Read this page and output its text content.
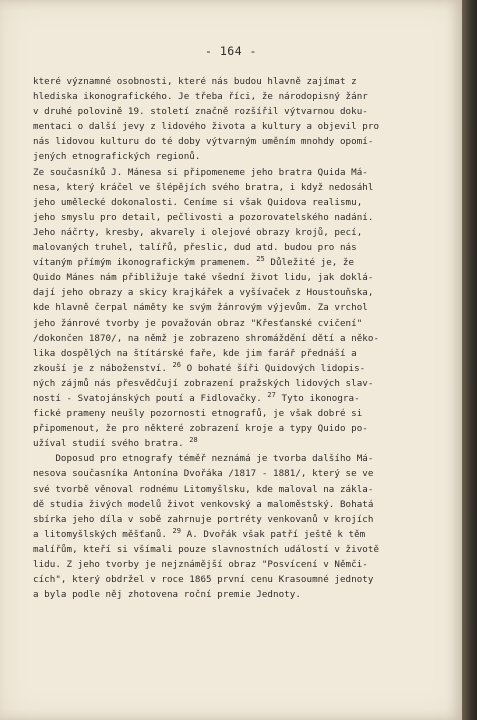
- 164 -
které významné osobnosti, které nás budou hlavně zajímat z
hlediska ikonografického. Je třeba říci, že národopisný žánr
v druhé polovině 19. století značně rozšířil výtvarnou doku-
mentaci o další jevy z lidového života a kultury a objevil pro
nás lidovou kulturu do té doby výtvarným uměním mnohdy opomí-
jených etnografických regionů.
Ze současníků J. Mánesa si připomeneme jeho bratra Quida Má-
nesa, který kráčel ve šlépějích svého bratra, i když nedosáhl
jeho umělecké dokonalosti. Ceníme si však Quidova realismu,
jeho smyslu pro detail, pečlivosti a pozorovatelského nadání.
Jeho náčrty, kresby, akvarely i olejové obrazy krojů, pecí,
malovaných truhel, talířů, přeslic, dud atd. budou pro nás
vítaným přímým ikonografickým pramenem. $^{25}$ Důležité je, že
Quido Mánes nám přibližuje také všední život lidu, jak doklá-
dají jeho obrazy a skicy krajkářek a vyšívaček z Houstouňska,
kde hlavně čerpal náměty ke svým žánrovým výjevům. Za vrchol
jeho žánrové tvorby je považován obraz "Křesťanské cvičení"
/dokončen 1870/, na němž je zobrazeno shromáždění dětí a něko-
lika dospělých na štítárské faře, kde jim farář přednáší a
zkouší je z náboženství. $^{26}$ O bohaté šíři Quidových lidopis-
ných zájmů nás přesvědčují zobrazení pražských lidových slav-
ností - Svatojánských poutí a Fidlovačky. $^{27}$ Tyto ikonogra-
fické prameny neušly pozornosti etnografů, je však dobré si
připomenout, že pro některé zobrazení kroje a typy Quido po-
užíval studií svého bratra. $^{28}$
Doposud pro etnografy téměř neznámá je tvorba dalšího Má-
nesova současníka Antonína Dvořáka /1817 - 1881/, který se ve
své tvorbě věnoval rodnému Litomyšlsku, kde maloval na zákla-
dě studia živých modelů život venkovský a maloměstský. Bohatá
sbírka jeho díla v sobě zahrnuje portréty venkovanů v krojích
a litomyšlských měšťanů. $^{29}$ A. Dvořák však patří ještě k těm
malířům, kteří si všímali pouze slavnostních událostí v životě
lidu. Z jeho tvorby je nejznámější obraz "Posvícení v Němči-
cích", který obdržel v roce 1865 první cenu Krasoumné jednoty
a byla podle něj zhotovena roční premie Jednoty.
